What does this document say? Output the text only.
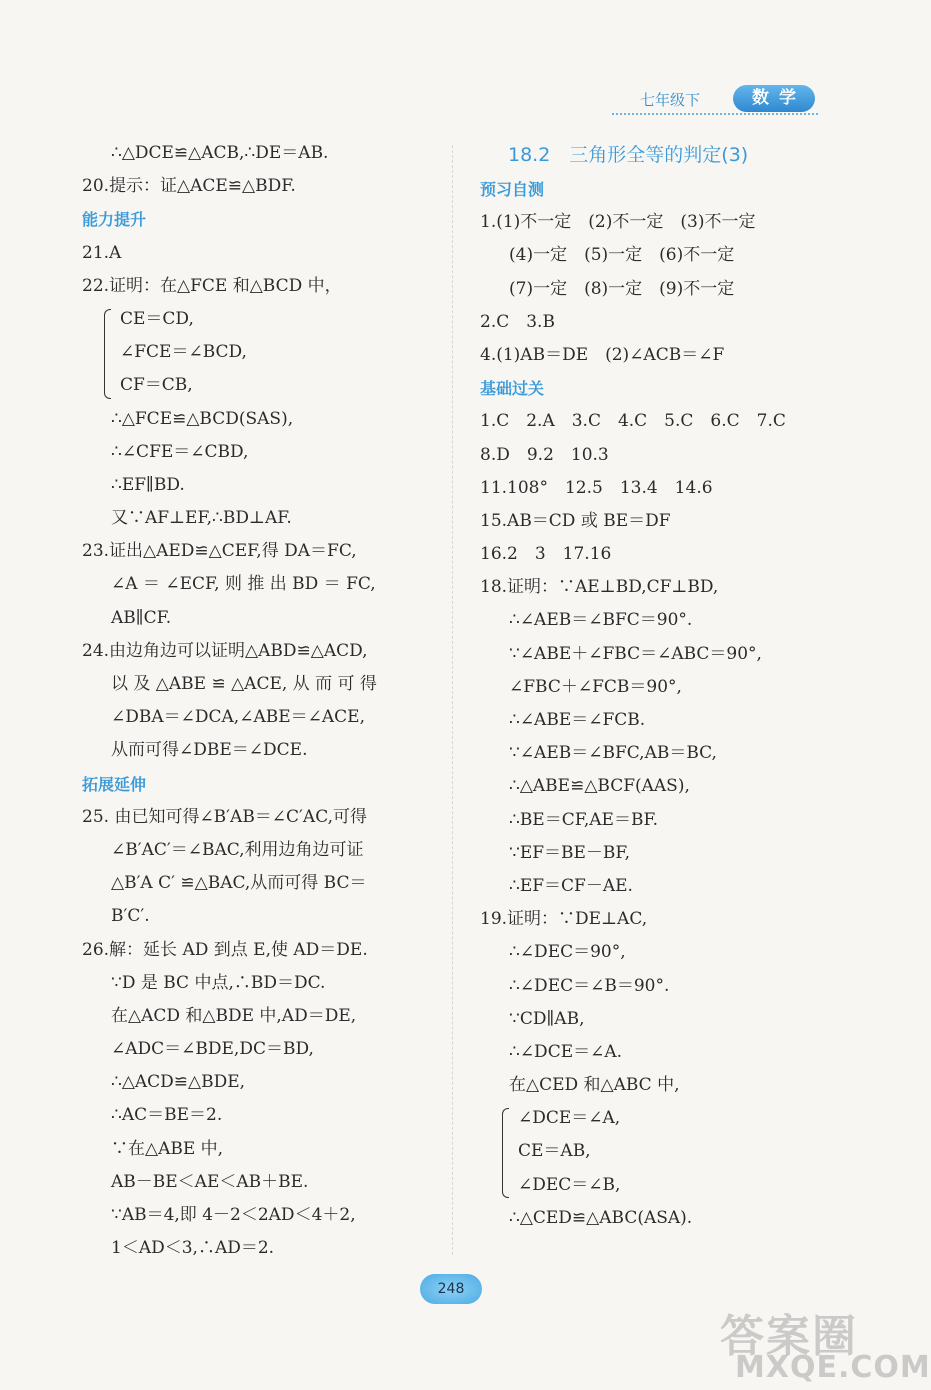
七年级下	数学
∴△DCE≌△ACB,∴DE＝AB.
20.提示：证△ACE≌△BDF.
能力提升
21.A
22.证明：在△FCE 和△BCD 中，
CE＝CD,
∠FCE＝∠BCD,
CF＝CB,
∴△FCE≌△BCD(SAS),
∴∠CFE＝∠CBD,
∴EF∥BD.
又∵AF⊥EF,∴BD⊥AF.
23.证出△AED≌△CEF,得 DA＝FC,
∠A ＝ ∠ECF, 则 推 出 BD ＝ FC,
AB∥CF.
24.由边角边可以证明△ABD≌△ACD,
以 及 △ABE ≌ △ACE, 从 而 可 得
∠DBA＝∠DCA,∠ABE＝∠ACE,
从而可得∠DBE＝∠DCE.
拓展延伸
25. 由已知可得∠B′AB＝∠C′AC,可得
∠B′AC′＝∠BAC,利用边角边可证
△B′A C′ ≌△BAC,从而可得 BC＝
B′C′.
26.解：延长 AD 到点 E,使 AD＝DE.
∵D 是 BC 中点,∴BD＝DC.
在△ACD 和△BDE 中,AD＝DE,
∠ADC＝∠BDE,DC＝BD,
∴△ACD≌△BDE,
∴AC＝BE＝2.
∵在△ABE 中,
AB－BE＜AE＜AB＋BE.
∵AB＝4,即 4－2＜2AD＜4＋2,
1＜AD＜3,∴AD＝2.
18.2　三角形全等的判定(3)
预习自测
1.(1)不一定　(2)不一定　(3)不一定
(4)一定　(5)一定　(6)不一定
(7)一定　(8)一定　(9)不一定
2.C　3.B
4.(1)AB＝DE　(2)∠ACB＝∠F
基础过关
1.C　2.A　3.C　4.C　5.C　6.C　7.C
8.D　9.2　10.3
11.108°　12.5　13.4　14.6
15.AB＝CD 或 BE＝DF
16.2　3　17.16
18.证明：∵AE⊥BD,CF⊥BD,
∴∠AEB＝∠BFC＝90°.
∵∠ABE＋∠FBC＝∠ABC＝90°,
∠FBC＋∠FCB＝90°,
∴∠ABE＝∠FCB.
∵∠AEB＝∠BFC,AB＝BC,
∴△ABE≌△BCF(AAS),
∴BE＝CF,AE＝BF.
∵EF＝BE－BF,
∴EF＝CF－AE.
19.证明：∵DE⊥AC,
∴∠DEC＝90°,
∴∠DEC＝∠B＝90°.
∵CD∥AB,
∴∠DCE＝∠A.
在△CED 和△ABC 中,
∠DCE＝∠A,
CE＝AB,
∠DEC＝∠B,
∴△CED≌△ABC(ASA).
248
答案圈
MXQE.COM
